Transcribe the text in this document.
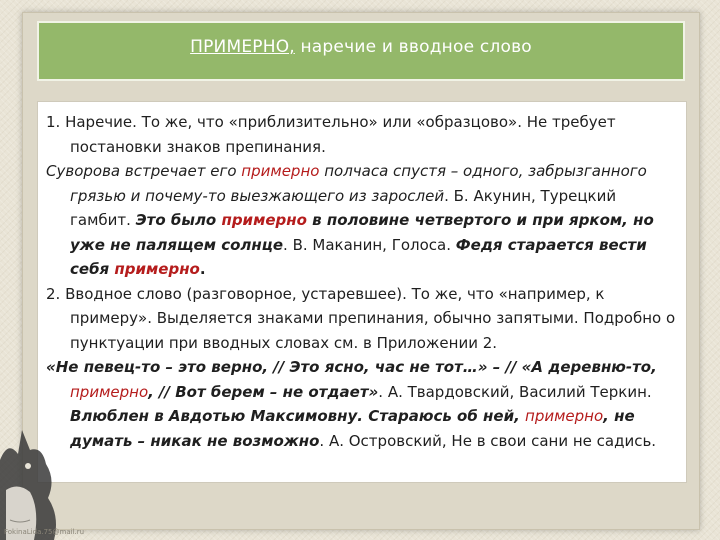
ПРИМЕРНО, наречие и вводное слово

1. Наречие. То же, что «приблизительно» или «образцово». Не требует постановки знаков препинания.

Суворова встречает его примерно полчаса спустя – одного, забрызганного грязью и почему-то выезжающего из зарослей. Б. Акунин, Турецкий гамбит. Это было примерно в половине четвертого и при ярком, но уже не палящем солнце. В. Маканин, Голоса. Федя старается вести себя примерно.

2. Вводное слово (разговорное, устаревшее). То же, что «например, к примеру». Выделяется знаками препинания, обычно запятыми. Подробно о пунктуации при вводных словах см. в Приложении 2.

«Не певец-то – это верно, // Это ясно, час не тот…» – // «А деревню-то, примерно, // Вот берем – не отдает». А. Твардовский, Василий Теркин. Влюблен в Авдотью Максимовну. Стараюсь об ней, примерно, не думать – никак не возможно. А. Островский, Не в свои сани не садись.

FokinaLida.75@mail.ru
